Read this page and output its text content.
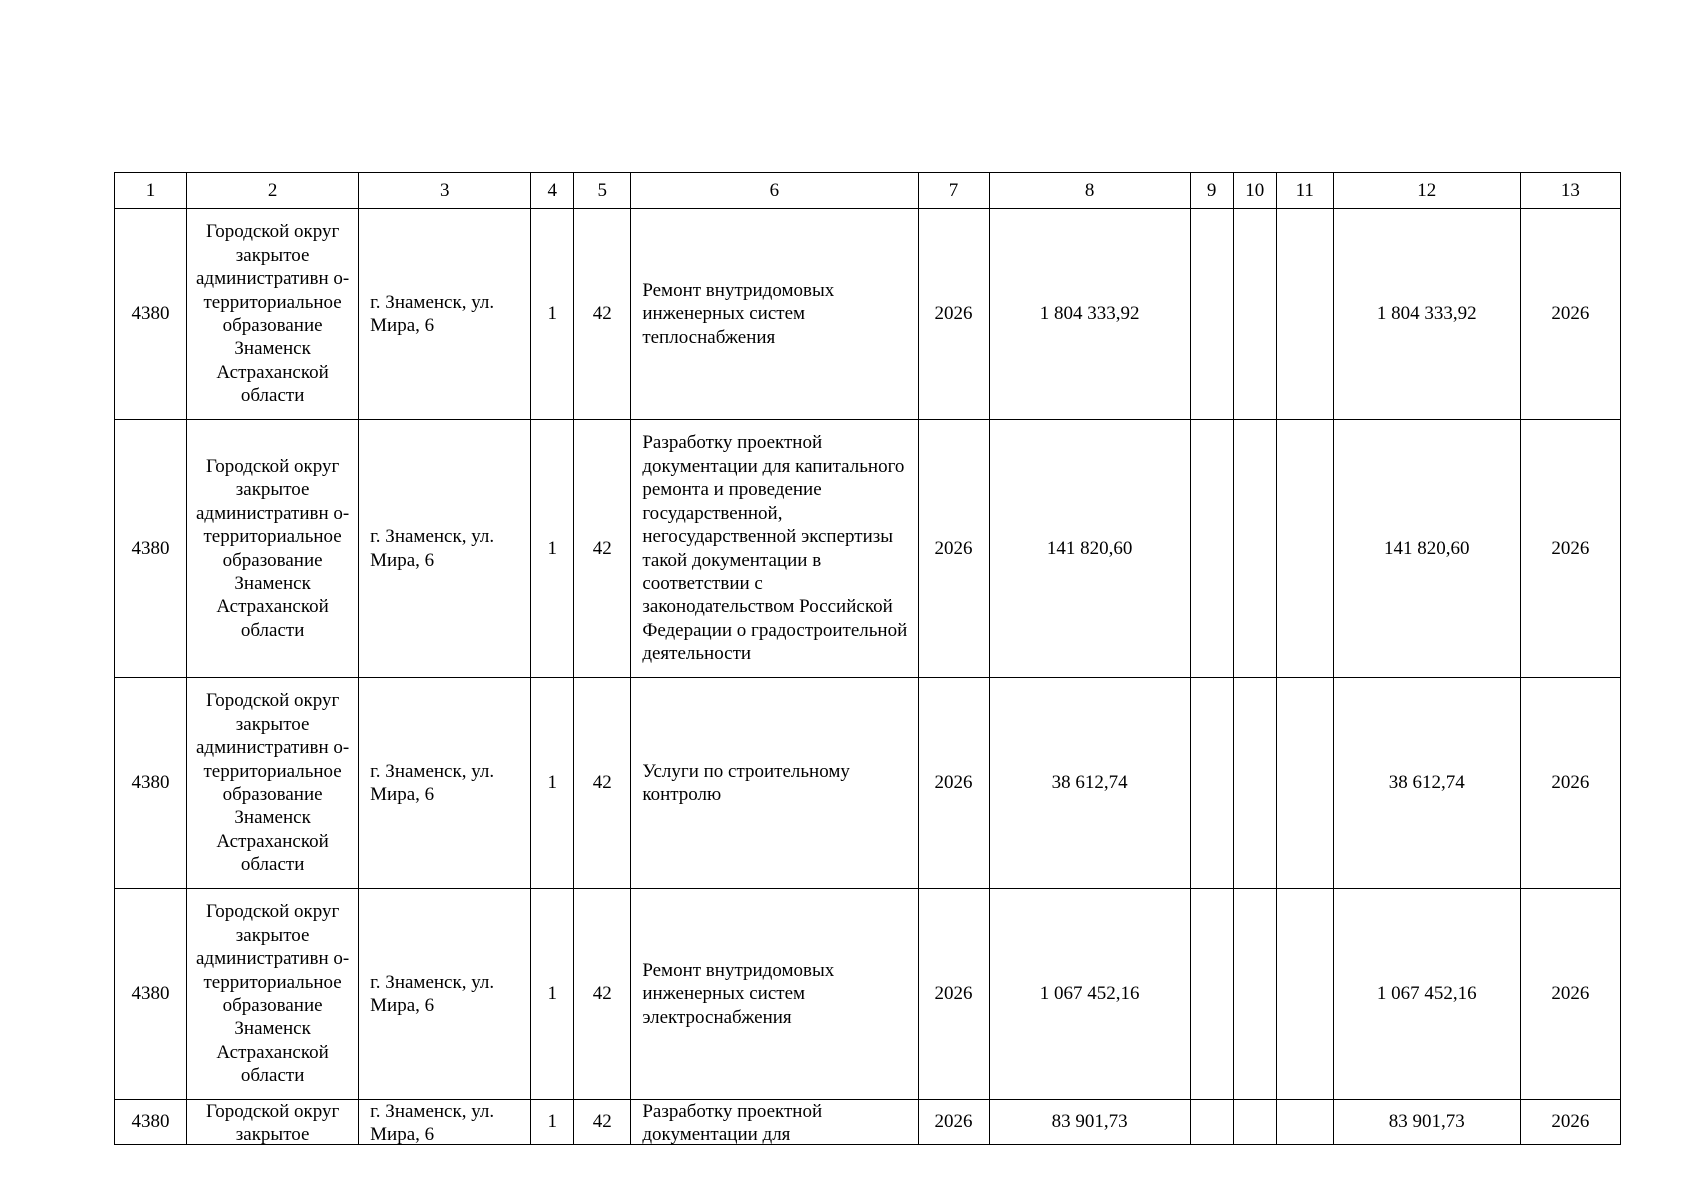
1	2	3	4	5	6	7	8	9	10	11	12	13
4380	Городской округ закрытое административн о- территориальное образование Знаменск Астраханской области	г. Знаменск, ул. Мира, 6	1	42	Ремонт внутридомовых инженерных систем теплоснабжения	2026	1 804 333,92				1 804 333,92	2026
4380	Городской округ закрытое административн о- территориальное образование Знаменск Астраханской области	г. Знаменск, ул. Мира, 6	1	42	Разработку проектной документации для капитального ремонта и проведение государственной, негосударственной экспертизы такой документации в соответствии с законодательством Российской Федерации о градостроительной деятельности	2026	141 820,60				141 820,60	2026
4380	Городской округ закрытое административн о- территориальное образование Знаменск Астраханской области	г. Знаменск, ул. Мира, 6	1	42	Услуги по строительному контролю	2026	38 612,74				38 612,74	2026
4380	Городской округ закрытое административн о- территориальное образование Знаменск Астраханской области	г. Знаменск, ул. Мира, 6	1	42	Ремонт внутридомовых инженерных систем электроснабжения	2026	1 067 452,16				1 067 452,16	2026
4380	Городской округ закрытое	г. Знаменск, ул. Мира, 6	1	42	Разработку проектной документации для	2026	83 901,73				83 901,73	2026
